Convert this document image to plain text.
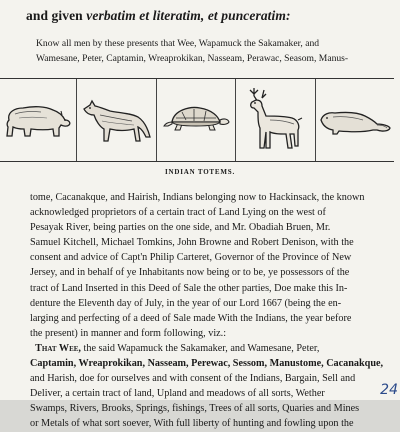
and given verbatim et literatim, et punceratim:
Know all men by these presents that Wee, Wapamuck the Sakamaker, and
Wamesane, Peter, Captamin, Wreaprokikan, Nasseam, Perawac, Seasom, Manus-
INDIAN TOTEMS.
tome, Cacanakque, and Hairish, Indians belonging now to Hackinsack, the known
acknowledged proprietors of a certain tract of Land Lying on the west of
Pesayak River, being parties on the one side, and Mr. Obadiah Bruen, Mr.
Samuel Kitchell, Michael Tomkins, John Browne and Robert Denison, with the
consent and advice of Capt'n Philip Carteret, Governor of the Province of New
Jersey, and in behalf of ye Inhabitants now being or to be, ye possessors of the
tract of Land Inserted in this Deed of Sale the other parties, Doe make this In-
denture the Eleventh day of July, in the year of our Lord 1667 (being the en-
larging and perfecting of a deed of Sale made With the Indians, the year before
the present) in manner and form following, viz.:
That Wee, the said Wapamuck the Sakamaker, and Wamesane, Peter,
Captamin, Wreaprokikan, Nasseam, Perewac, Sessom, Manustome, Cacanakque,
and Harish, doe for ourselves and with consent of the Indians, Bargain, Sell and
Deliver, a certain tract of land, Upland and meadows of all sorts, Wether
Swamps, Rivers, Brooks, Springs, fishings, Trees of all sorts, Quaries and Mines
or Metals of what sort soever, With full liberty of hunting and fowling upon the
24
